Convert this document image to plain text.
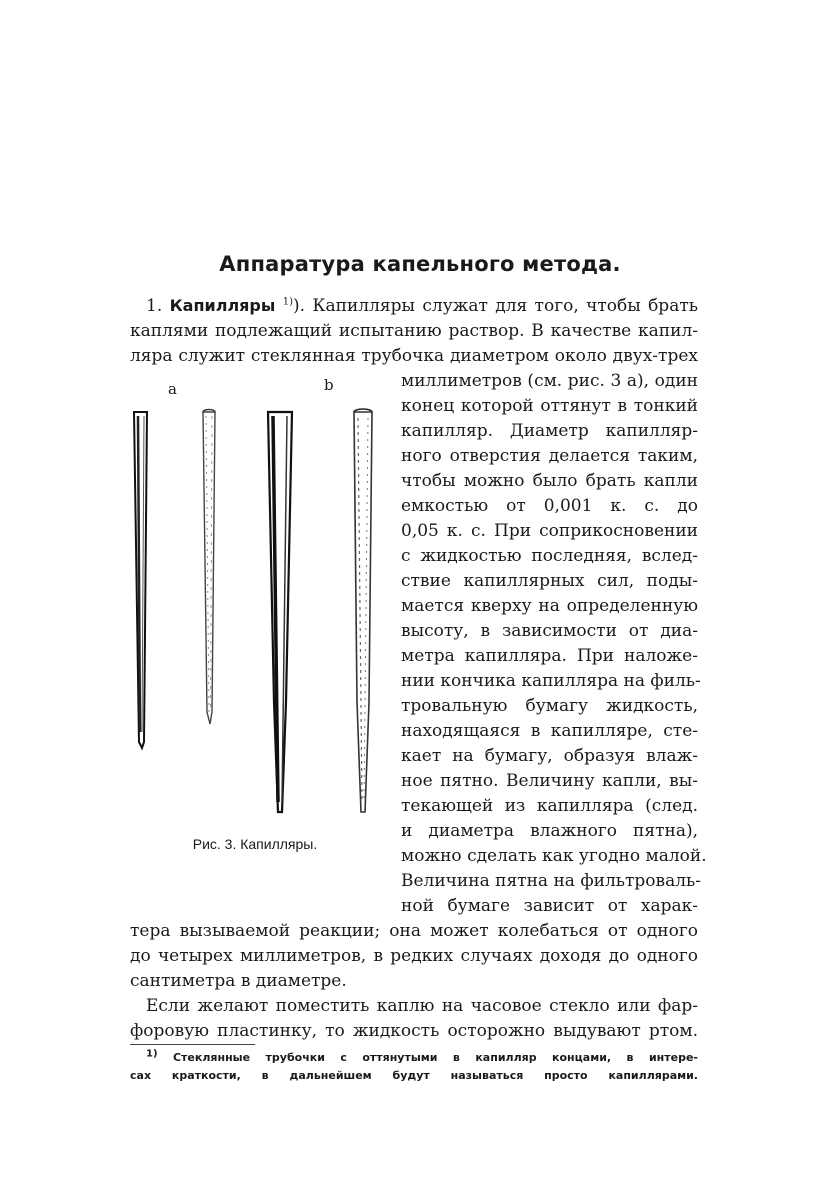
Аппаратура капельного метода.
1. Капилляры $^{1)}$). Капилляры служат для того, чтобы брать
каплями подлежащий испытанию раствор. В качестве капил-
ляра служит стеклянная трубочка диаметром около двух-трех
миллиметров (см. рис. 3 а), один
конец которой оттянут в тонкий
капилляр. Диаметр капилляр-
ного отверстия делается таким,
чтобы можно было брать капли
емкостью от 0,001 к. с. до
0,05 к. с. При соприкосновении
с жидкостью последняя, вслед-
ствие капиллярных сил, поды-
мается кверху на определенную
высоту, в зависимости от диа-
метра капилляра. При наложе-
нии кончика капилляра на филь-
тровальную бумагу жидкость,
находящаяся в капилляре, сте-
кает на бумагу, образуя влаж-
ное пятно. Величину капли, вы-
текающей из капилляра (след.
и диаметра влажного пятна),
можно сделать как угодно малой.
Величина пятна на фильтроваль-
ной бумаге зависит от харак-
тера вызываемой реакции; она может колебаться от одного
до четырех миллиметров, в редких случаях доходя до одного
сантиметра в диаметре.
Если желают поместить каплю на часовое стекло или фар-
форовую пластинку, то жидкость осторожно выдувают ртом.
a	b
Рис. 3. Капилляры.
$^{1)}$ Стеклянные трубочки с оттянутыми в капилляр концами, в интере-
сах краткости, в дальнейшем будут называться просто капиллярами.
